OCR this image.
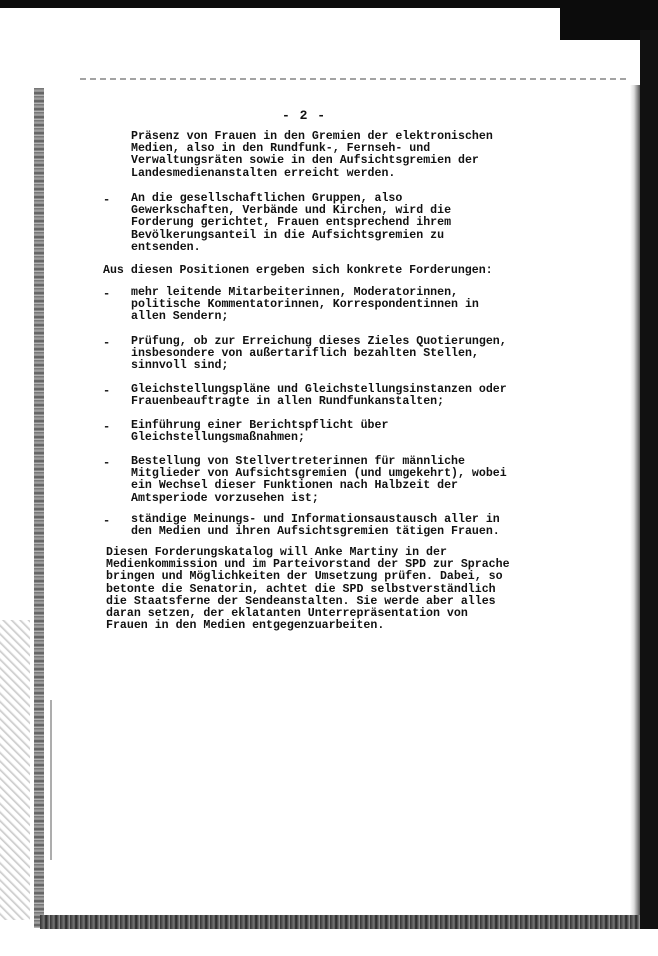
- 2 -
Präsenz von Frauen in den Gremien der elektronischen
Medien, also in den Rundfunk-, Fernseh- und
Verwaltungsräten sowie in den Aufsichtsgremien der
Landesmedienanstalten erreicht werden.
- An die gesellschaftlichen Gruppen, also
Gewerkschaften, Verbände und Kirchen, wird die
Forderung gerichtet, Frauen entsprechend ihrem
Bevölkerungsanteil in die Aufsichtsgremien zu
entsenden.
Aus diesen Positionen ergeben sich konkrete Forderungen:
- mehr leitende Mitarbeiterinnen, Moderatorinnen,
politische Kommentatorinnen, Korrespondentinnen in
allen Sendern;
- Prüfung, ob zur Erreichung dieses Zieles Quotierungen,
insbesondere von außertariflich bezahlten Stellen,
sinnvoll sind;
- Gleichstellungspläne und Gleichstellungsinstanzen oder
Frauenbeauftragte in allen Rundfunkanstalten;
- Einführung einer Berichtspflicht über
Gleichstellungsmaßnahmen;
- Bestellung von Stellvertreterinnen für männliche
Mitglieder von Aufsichtsgremien (und umgekehrt), wobei
ein Wechsel dieser Funktionen nach Halbzeit der
Amtsperiode vorzusehen ist;
- ständige Meinungs- und Informationsaustausch aller in
den Medien und ihren Aufsichtsgremien tätigen Frauen.
Diesen Forderungskatalog will Anke Martiny in der
Medienkommission und im Parteivorstand der SPD zur Sprache
bringen und Möglichkeiten der Umsetzung prüfen. Dabei, so
betonte die Senatorin, achtet die SPD selbstverständlich
die Staatsferne der Sendeanstalten. Sie werde aber alles
daran setzen, der eklatanten Unterrepräsentation von
Frauen in den Medien entgegenzuarbeiten.
